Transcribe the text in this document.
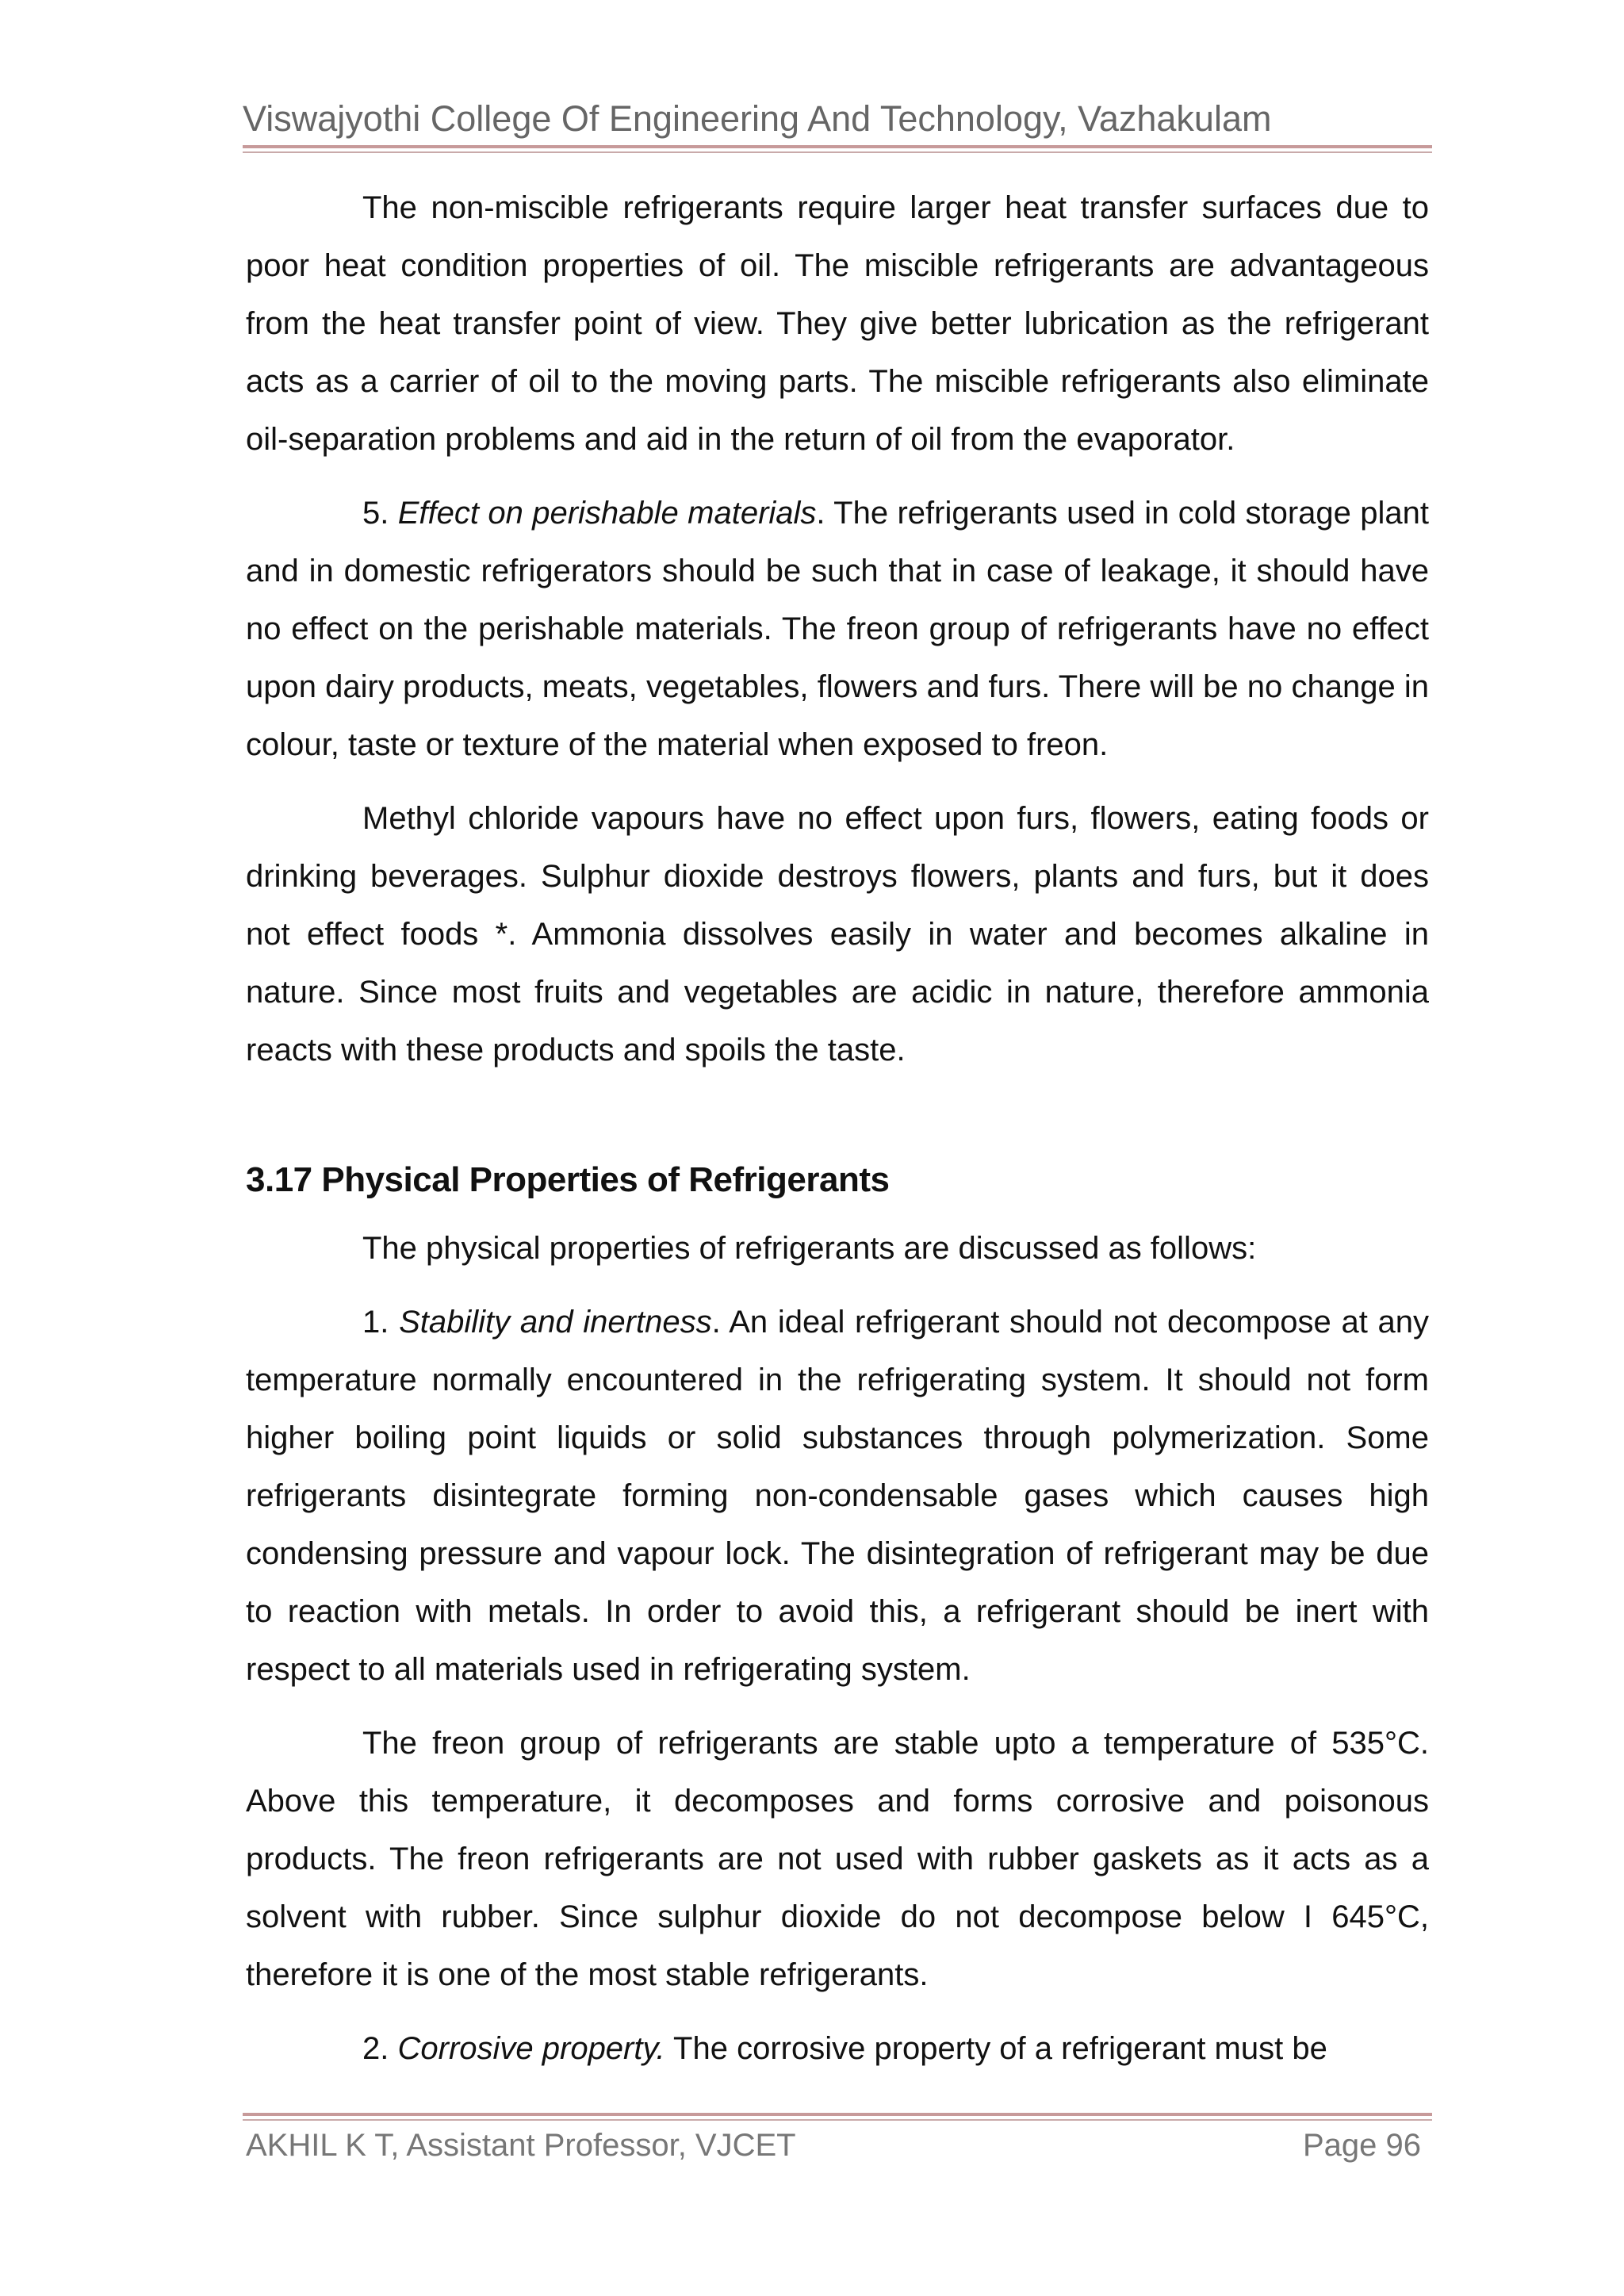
Viswajyothi College Of Engineering And Technology, Vazhakulam

The non-miscible refrigerants require larger heat transfer surfaces due to poor heat condition properties of oil. The miscible refrigerants are advantageous from the heat transfer point of view. They give better lubrication as the refrigerant acts as a carrier of oil to the moving parts. The miscible refrigerants also eliminate oil-separation problems and aid in the return of oil from the evaporator.

5. Effect on perishable materials. The refrigerants used in cold storage plant and in domestic refrigerators should be such that in case of leakage, it should have no effect on the perishable materials. The freon group of refrigerants have no effect upon dairy products, meats, vegetables, flowers and furs. There will be no change in colour, taste or texture of the material when exposed to freon.

Methyl chloride vapours have no effect upon furs, flowers, eating foods or drinking beverages. Sulphur dioxide destroys flowers, plants and furs, but it does not effect foods *. Ammonia dissolves easily in water and becomes alkaline in nature. Since most fruits and vegetables are acidic in nature, therefore ammonia reacts with these products and spoils the taste.

3.17 Physical Properties of Refrigerants

The physical properties of refrigerants are discussed as follows:

1. Stability and inertness. An ideal refrigerant should not decompose at any temperature normally encountered in the refrigerating system. It should not form higher boiling point liquids or solid substances through polymerization. Some refrigerants disintegrate forming non-condensable gases which causes high condensing pressure and vapour lock. The disintegration of refrigerant may be due to reaction with metals. In order to avoid this, a refrigerant should be inert with respect to all materials used in refrigerating system.

The freon group of refrigerants are stable upto a temperature of 535°C. Above this temperature, it decomposes and forms corrosive and poisonous products. The freon refrigerants are not used with rubber gaskets as it acts as a solvent with rubber. Since sulphur dioxide do not decompose below I 645°C, therefore it is one of the most stable refrigerants.

2. Corrosive property. The corrosive property of a refrigerant must be

AKHIL K T, Assistant Professor, VJCET	Page 96
